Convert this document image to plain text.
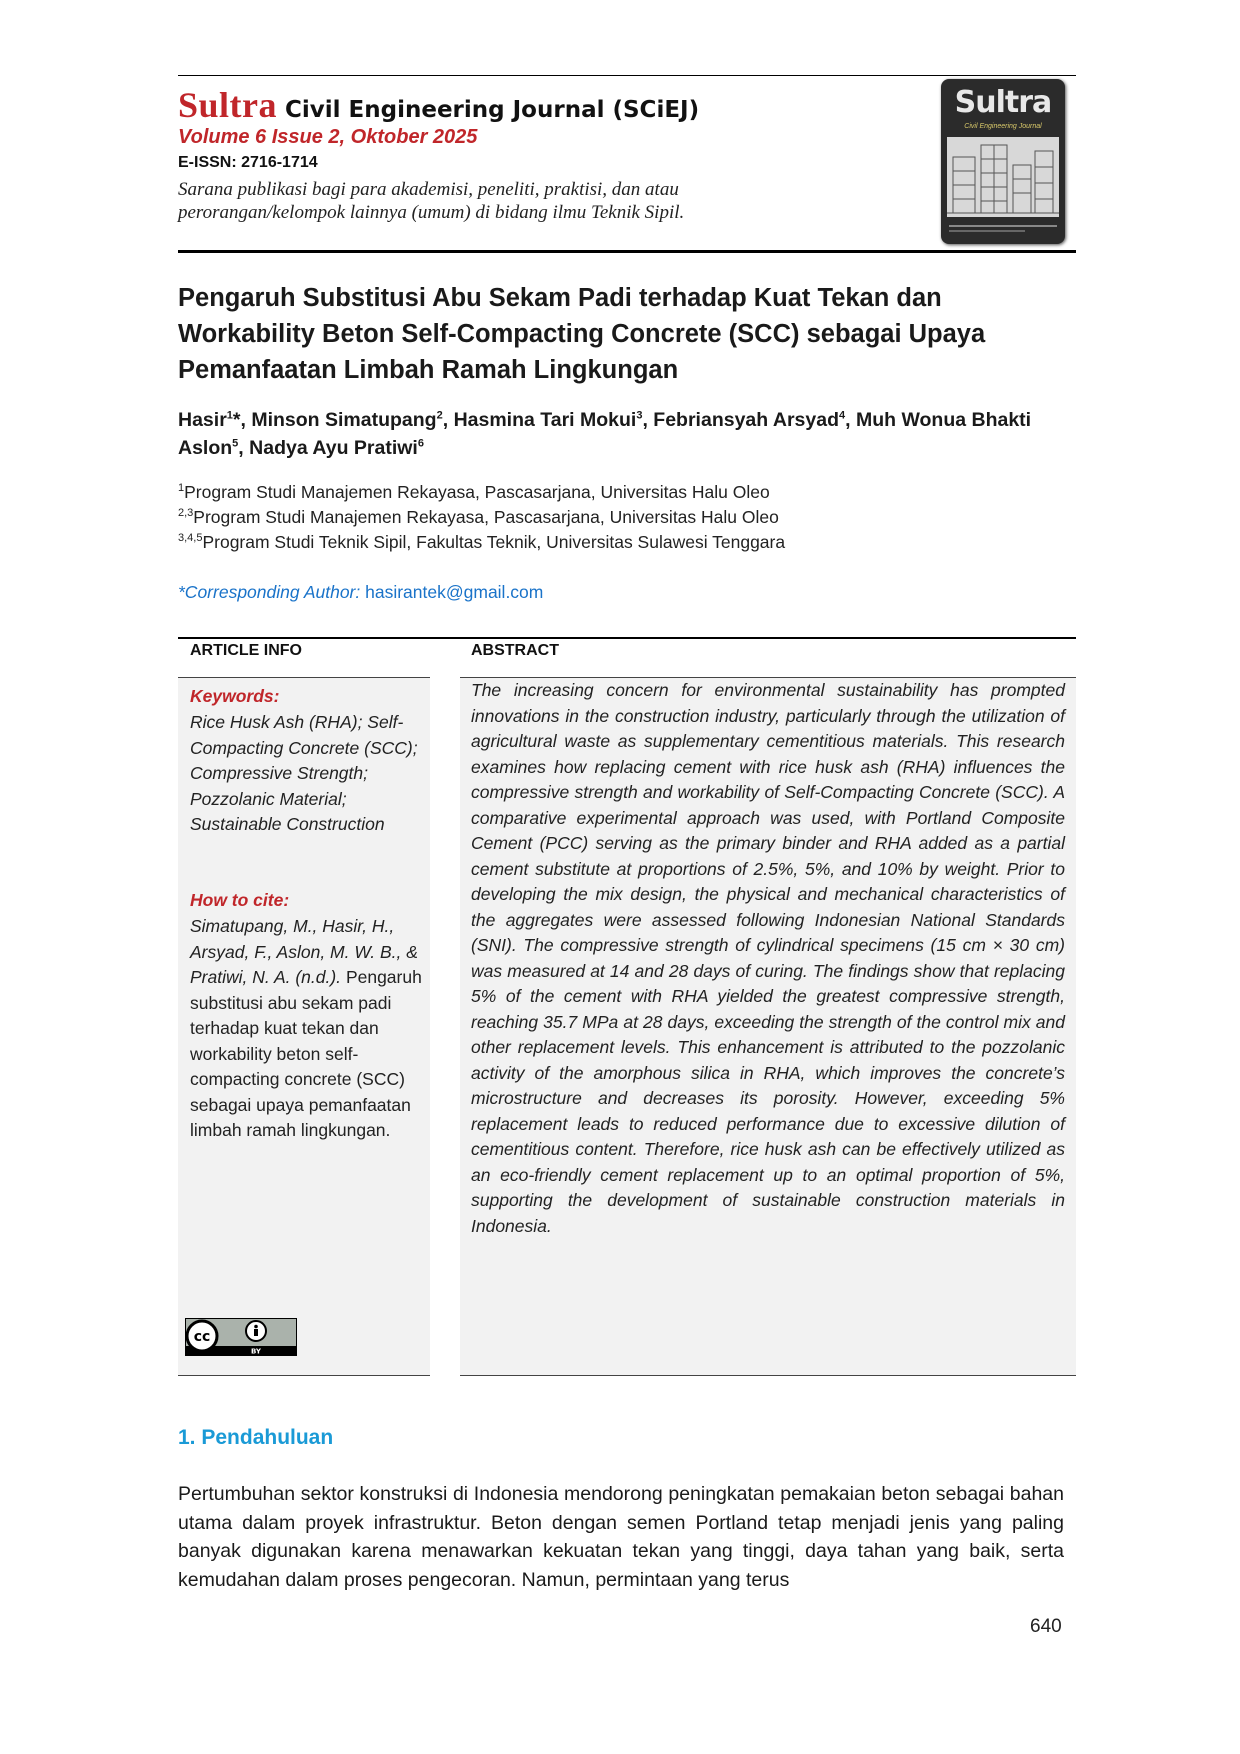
Sultra Civil Engineering Journal (SCiEJ)
Volume 6 Issue 2, Oktober 2025
E-ISSN: 2716-1714
Sarana publikasi bagi para akademisi, peneliti, praktisi, dan atau perorangan/kelompok lainnya (umum) di bidang ilmu Teknik Sipil.
Sultra
Civil Engineering Journal
Pengaruh Substitusi Abu Sekam Padi terhadap Kuat Tekan dan Workability Beton Self-Compacting Concrete (SCC) sebagai Upaya Pemanfaatan Limbah Ramah Lingkungan
Hasir$^1$*, Minson Simatupang$^2$, Hasmina Tari Mokui$^3$, Febriansyah Arsyad$^4$, Muh Wonua Bhakti Aslon$^5$, Nadya Ayu Pratiwi$^6$
$^1$Program Studi Manajemen Rekayasa, Pascasarjana, Universitas Halu Oleo
$^{2,3}$Program Studi Manajemen Rekayasa, Pascasarjana, Universitas Halu Oleo
$^{3,4,5}$Program Studi Teknik Sipil, Fakultas Teknik, Universitas Sulawesi Tenggara
*Corresponding Author: hasirantek@gmail.com
ARTICLE INFO	ABSTRACT
Keywords:
Rice Husk Ash (RHA); Self-Compacting Concrete (SCC); Compressive Strength; Pozzolanic Material; Sustainable Construction
How to cite:
Simatupang, M., Hasir, H., Arsyad, F., Aslon, M. W. B., & Pratiwi, N. A. (n.d.). Pengaruh substitusi abu sekam padi terhadap kuat tekan dan workability beton self-compacting concrete (SCC) sebagai upaya pemanfaatan limbah ramah lingkungan.
cc
BY
The increasing concern for environmental sustainability has prompted innovations in the construction industry, particularly through the utilization of agricultural waste as supplementary cementitious materials. This research examines how replacing cement with rice husk ash (RHA) influences the compressive strength and workability of Self-Compacting Concrete (SCC). A comparative experimental approach was used, with Portland Composite Cement (PCC) serving as the primary binder and RHA added as a partial cement substitute at proportions of 2.5%, 5%, and 10% by weight. Prior to developing the mix design, the physical and mechanical characteristics of the aggregates were assessed following Indonesian National Standards (SNI). The compressive strength of cylindrical specimens (15 cm × 30 cm) was measured at 14 and 28 days of curing. The findings show that replacing 5% of the cement with RHA yielded the greatest compressive strength, reaching 35.7 MPa at 28 days, exceeding the strength of the control mix and other replacement levels. This enhancement is attributed to the pozzolanic activity of the amorphous silica in RHA, which improves the concrete’s microstructure and decreases its porosity. However, exceeding 5% replacement leads to reduced performance due to excessive dilution of cementitious content. Therefore, rice husk ash can be effectively utilized as an eco-friendly cement replacement up to an optimal proportion of 5%, supporting the development of sustainable construction materials in Indonesia.
1. Pendahuluan
Pertumbuhan sektor konstruksi di Indonesia mendorong peningkatan pemakaian beton sebagai bahan utama dalam proyek infrastruktur. Beton dengan semen Portland tetap menjadi jenis yang paling banyak digunakan karena menawarkan kekuatan tekan yang tinggi, daya tahan yang baik, serta kemudahan dalam proses pengecoran. Namun, permintaan yang terus
640
